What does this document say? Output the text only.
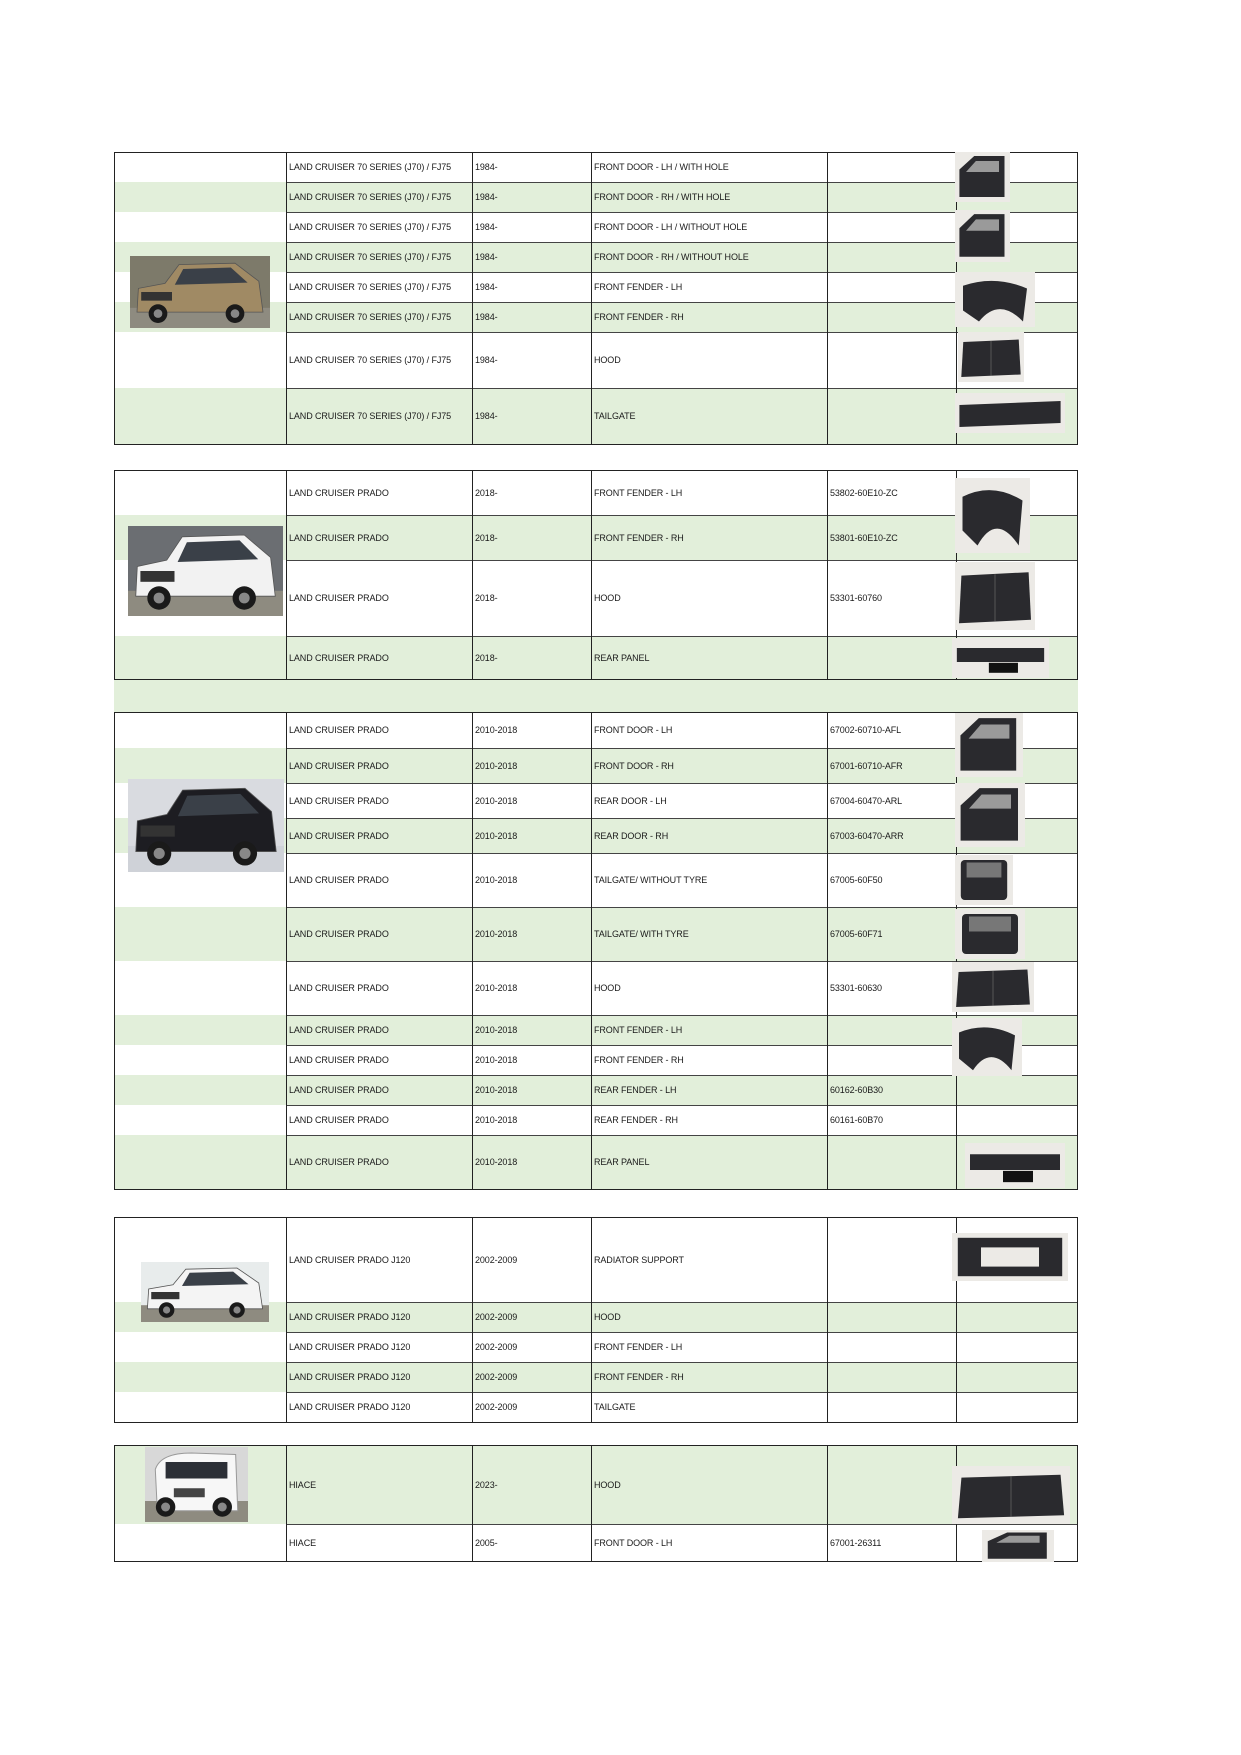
LAND CRUISER 70 SERIES (J70) / FJ75	1984-	FRONT DOOR - LH / WITH HOLE
LAND CRUISER 70 SERIES (J70) / FJ75	1984-	FRONT DOOR - RH / WITH HOLE
LAND CRUISER 70 SERIES (J70) / FJ75	1984-	FRONT DOOR - LH / WITHOUT HOLE
LAND CRUISER 70 SERIES (J70) / FJ75	1984-	FRONT DOOR - RH / WITHOUT HOLE
LAND CRUISER 70 SERIES (J70) / FJ75	1984-	FRONT FENDER - LH
LAND CRUISER 70 SERIES (J70) / FJ75	1984-	FRONT FENDER - RH
LAND CRUISER 70 SERIES (J70) / FJ75	1984-	HOOD
LAND CRUISER 70 SERIES (J70) / FJ75	1984-	TAILGATE
LAND CRUISER PRADO	2018-	FRONT FENDER - LH	53802-60E10-ZC
LAND CRUISER PRADO	2018-	FRONT FENDER - RH	53801-60E10-ZC
LAND CRUISER PRADO	2018-	HOOD	53301-60760
LAND CRUISER PRADO	2018-	REAR PANEL
LAND CRUISER PRADO	2010-2018	FRONT DOOR - LH	67002-60710-AFL
LAND CRUISER PRADO	2010-2018	FRONT DOOR - RH	67001-60710-AFR
LAND CRUISER PRADO	2010-2018	REAR DOOR - LH	67004-60470-ARL
LAND CRUISER PRADO	2010-2018	REAR DOOR - RH	67003-60470-ARR
LAND CRUISER PRADO	2010-2018	TAILGATE/ WITHOUT TYRE	67005-60F50
LAND CRUISER PRADO	2010-2018	TAILGATE/ WITH TYRE	67005-60F71
LAND CRUISER PRADO	2010-2018	HOOD	53301-60630
LAND CRUISER PRADO	2010-2018	FRONT FENDER - LH
LAND CRUISER PRADO	2010-2018	FRONT FENDER - RH
LAND CRUISER PRADO	2010-2018	REAR FENDER - LH	60162-60B30
LAND CRUISER PRADO	2010-2018	REAR FENDER - RH	60161-60B70
LAND CRUISER PRADO	2010-2018	REAR PANEL
LAND CRUISER PRADO J120	2002-2009	RADIATOR SUPPORT
LAND CRUISER PRADO J120	2002-2009	HOOD
LAND CRUISER PRADO J120	2002-2009	FRONT FENDER - LH
LAND CRUISER PRADO J120	2002-2009	FRONT FENDER - RH
LAND CRUISER PRADO J120	2002-2009	TAILGATE
HIACE	2023-	HOOD
HIACE	2005-	FRONT DOOR - LH	67001-26311
